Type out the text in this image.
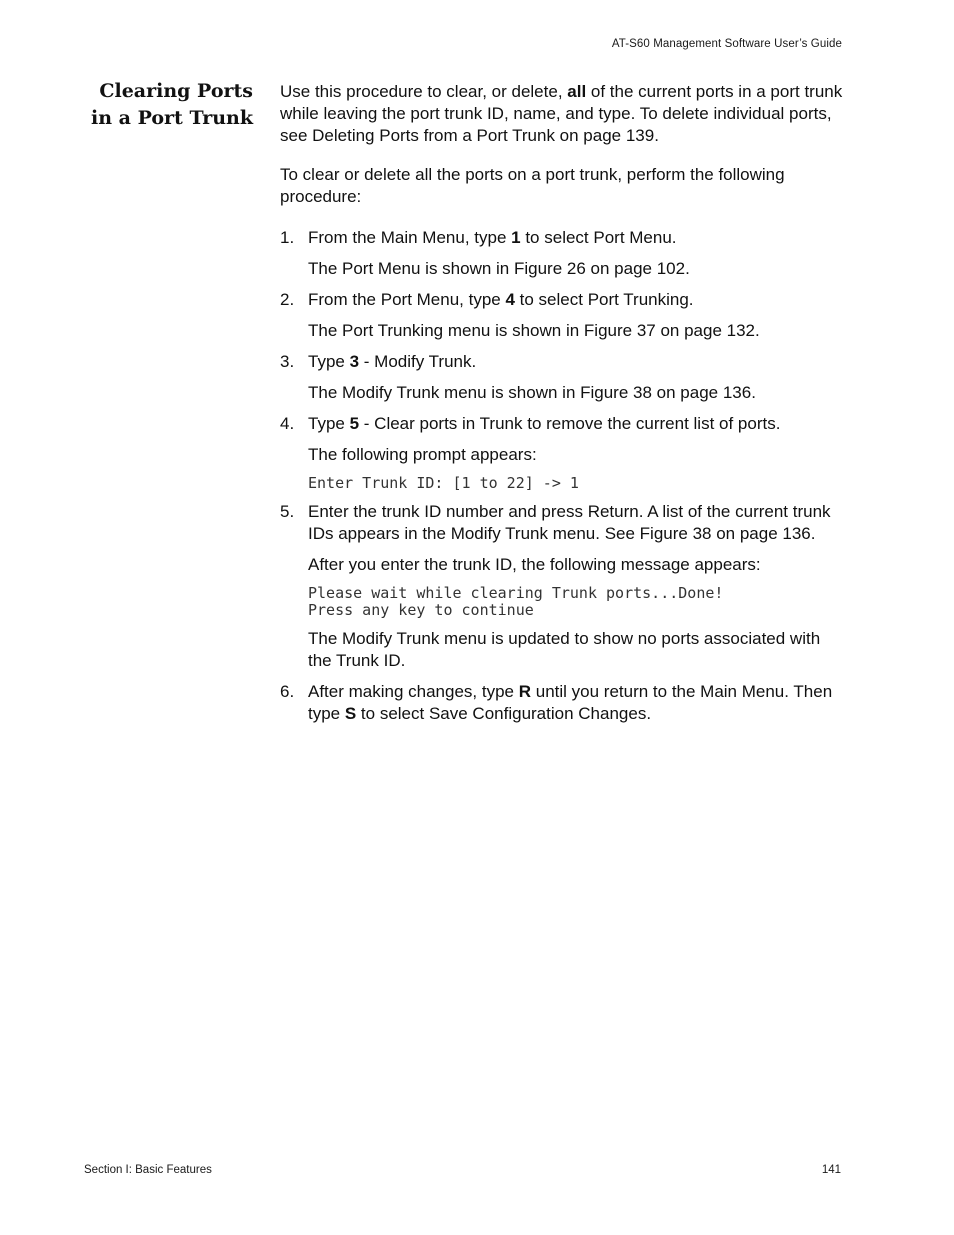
AT-S60 Management Software User’s Guide
Clearing Ports
in a Port Trunk

Use this procedure to clear, or delete, all of the current ports in a port trunk while leaving the port trunk ID, name, and type. To delete individual ports, see Deleting Ports from a Port Trunk on page 139.

To clear or delete all the ports on a port trunk, perform the following procedure:

1. From the Main Menu, type 1 to select Port Menu.
The Port Menu is shown in Figure 26 on page 102.
2. From the Port Menu, type 4 to select Port Trunking.
The Port Trunking menu is shown in Figure 37 on page 132.
3. Type 3 - Modify Trunk.
The Modify Trunk menu is shown in Figure 38 on page 136.
4. Type 5 - Clear ports in Trunk to remove the current list of ports.
The following prompt appears:
Enter Trunk ID: [1 to 22] -> 1
5. Enter the trunk ID number and press Return. A list of the current trunk IDs appears in the Modify Trunk menu. See Figure 38 on page 136.
After you enter the trunk ID, the following message appears:
Please wait while clearing Trunk ports...Done!
Press any key to continue
The Modify Trunk menu is updated to show no ports associated with the Trunk ID.
6. After making changes, type R until you return to the Main Menu. Then type S to select Save Configuration Changes.
Section I: Basic Features	141
